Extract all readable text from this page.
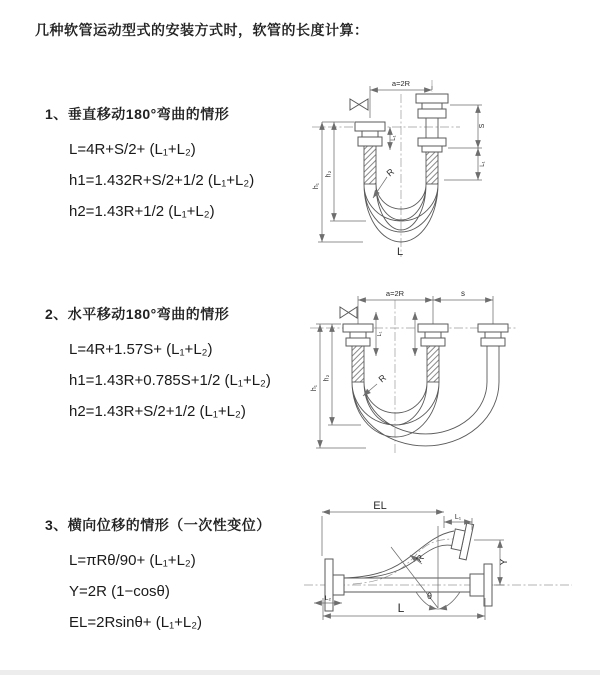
几种软管运动型式的安装方式时，软管的长度计算：
1、垂直移动180°弯曲的情形
L=4R+S/2+ (L₁+L₂)
h1=1.432R+S/2+1/2 (L₁+L₂)
h2=1.43R+1/2 (L₁+L₂)
2、水平移动180°弯曲的情形
L=4R+1.57S+ (L₁+L₂)
h1=1.43R+0.785S+1/2 (L₁+L₂)
h2=1.43R+S/2+1/2 (L₁+L₂)
3、横向位移的情形（一次性变位）
L=πRθ/90+ (L₁+L₂)
Y=2R (1−cosθ)
EL=2Rsinθ+ (L₁+L₂)
a=2R
h₁
h₂
L₁
S
L₁
R
L
a=2R	s
h₁
h₂
L₁
R
EL
L₁
Y
L
L₂	θ
R
